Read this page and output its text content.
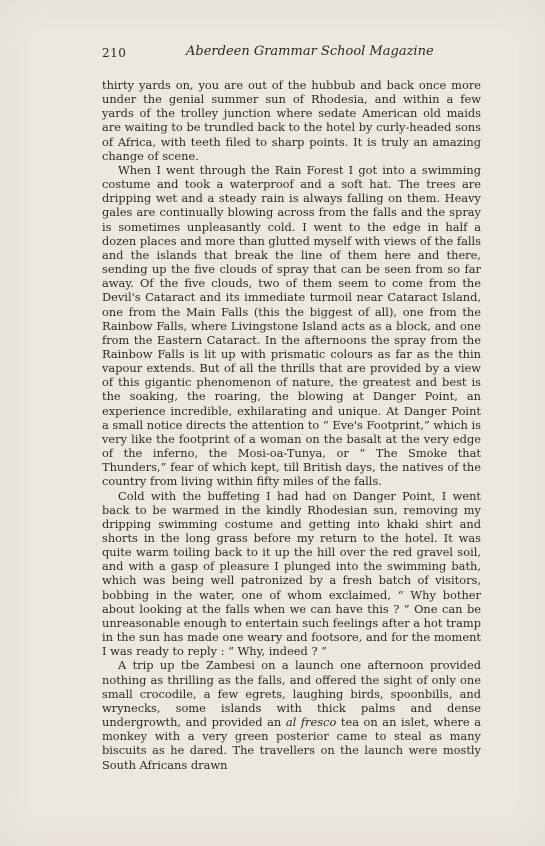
210	Aberdeen Grammar School Magazine

thirty yards on, you are out of the hubbub and back once more under the genial summer sun of Rhodesia, and within a few yards of the trolley junction where sedate American old maids are waiting to be trundled back to the hotel by curly-headed sons of Africa, with teeth filed to sharp points. It is truly an amazing change of scene.

When I went through the Rain Forest I got into a swimming costume and took a waterproof and a soft hat. The trees are dripping wet and a steady rain is always falling on them. Heavy gales are continually blowing across from the falls and the spray is sometimes unpleasantly cold. I went to the edge in half a dozen places and more than glutted myself with views of the falls and the islands that break the line of them here and there, sending up the five clouds of spray that can be seen from so far away. Of the five clouds, two of them seem to come from the Devil's Cataract and its immediate turmoil near Cataract Island, one from the Main Falls (this the biggest of all), one from the Rainbow Falls, where Livingstone Island acts as a block, and one from the Eastern Cataract. In the afternoons the spray from the Rainbow Falls is lit up with prismatic colours as far as the thin vapour extends. But of all the thrills that are provided by a view of this gigantic phenomenon of nature, the greatest and best is the soaking, the roaring, the blowing at Danger Point, an experience incredible, exhilarating and unique. At Danger Point a small notice directs the attention to “ Eve's Footprint,” which is very like the footprint of a woman on the basalt at the very edge of the inferno, the Mosi-oa-Tunya, or “ The Smoke that Thunders,” fear of which kept, till British days, the natives of the country from living within fifty miles of the falls.

Cold with the buffeting I had had on Danger Point, I went back to be warmed in the kindly Rhodesian sun, removing my dripping swimming costume and getting into khaki shirt and shorts in the long grass before my return to the hotel. It was quite warm toiling back to it up the hill over the red gravel soil, and with a gasp of pleasure I plunged into the swimming bath, which was being well patronized by a fresh batch of visitors, bobbing in the water, one of whom exclaimed, “ Why bother about looking at the falls when we can have this ? ” One can be unreasonable enough to entertain such feelings after a hot tramp in the sun has made one weary and footsore, and for the moment I was ready to reply : “ Why, indeed ? ”

A trip up tbe Zambesi on a launch one afternoon provided nothing as thrilling as the falls, and offered the sight of only one small crocodile, a few egrets, laughing birds, spoonbills, and wrynecks, some islands with thick palms and dense undergrowth, and provided an al fresco tea on an islet, where a monkey with a very green posterior came to steal as many biscuits as he dared. The travellers on the launch were mostly South Africans drawn
